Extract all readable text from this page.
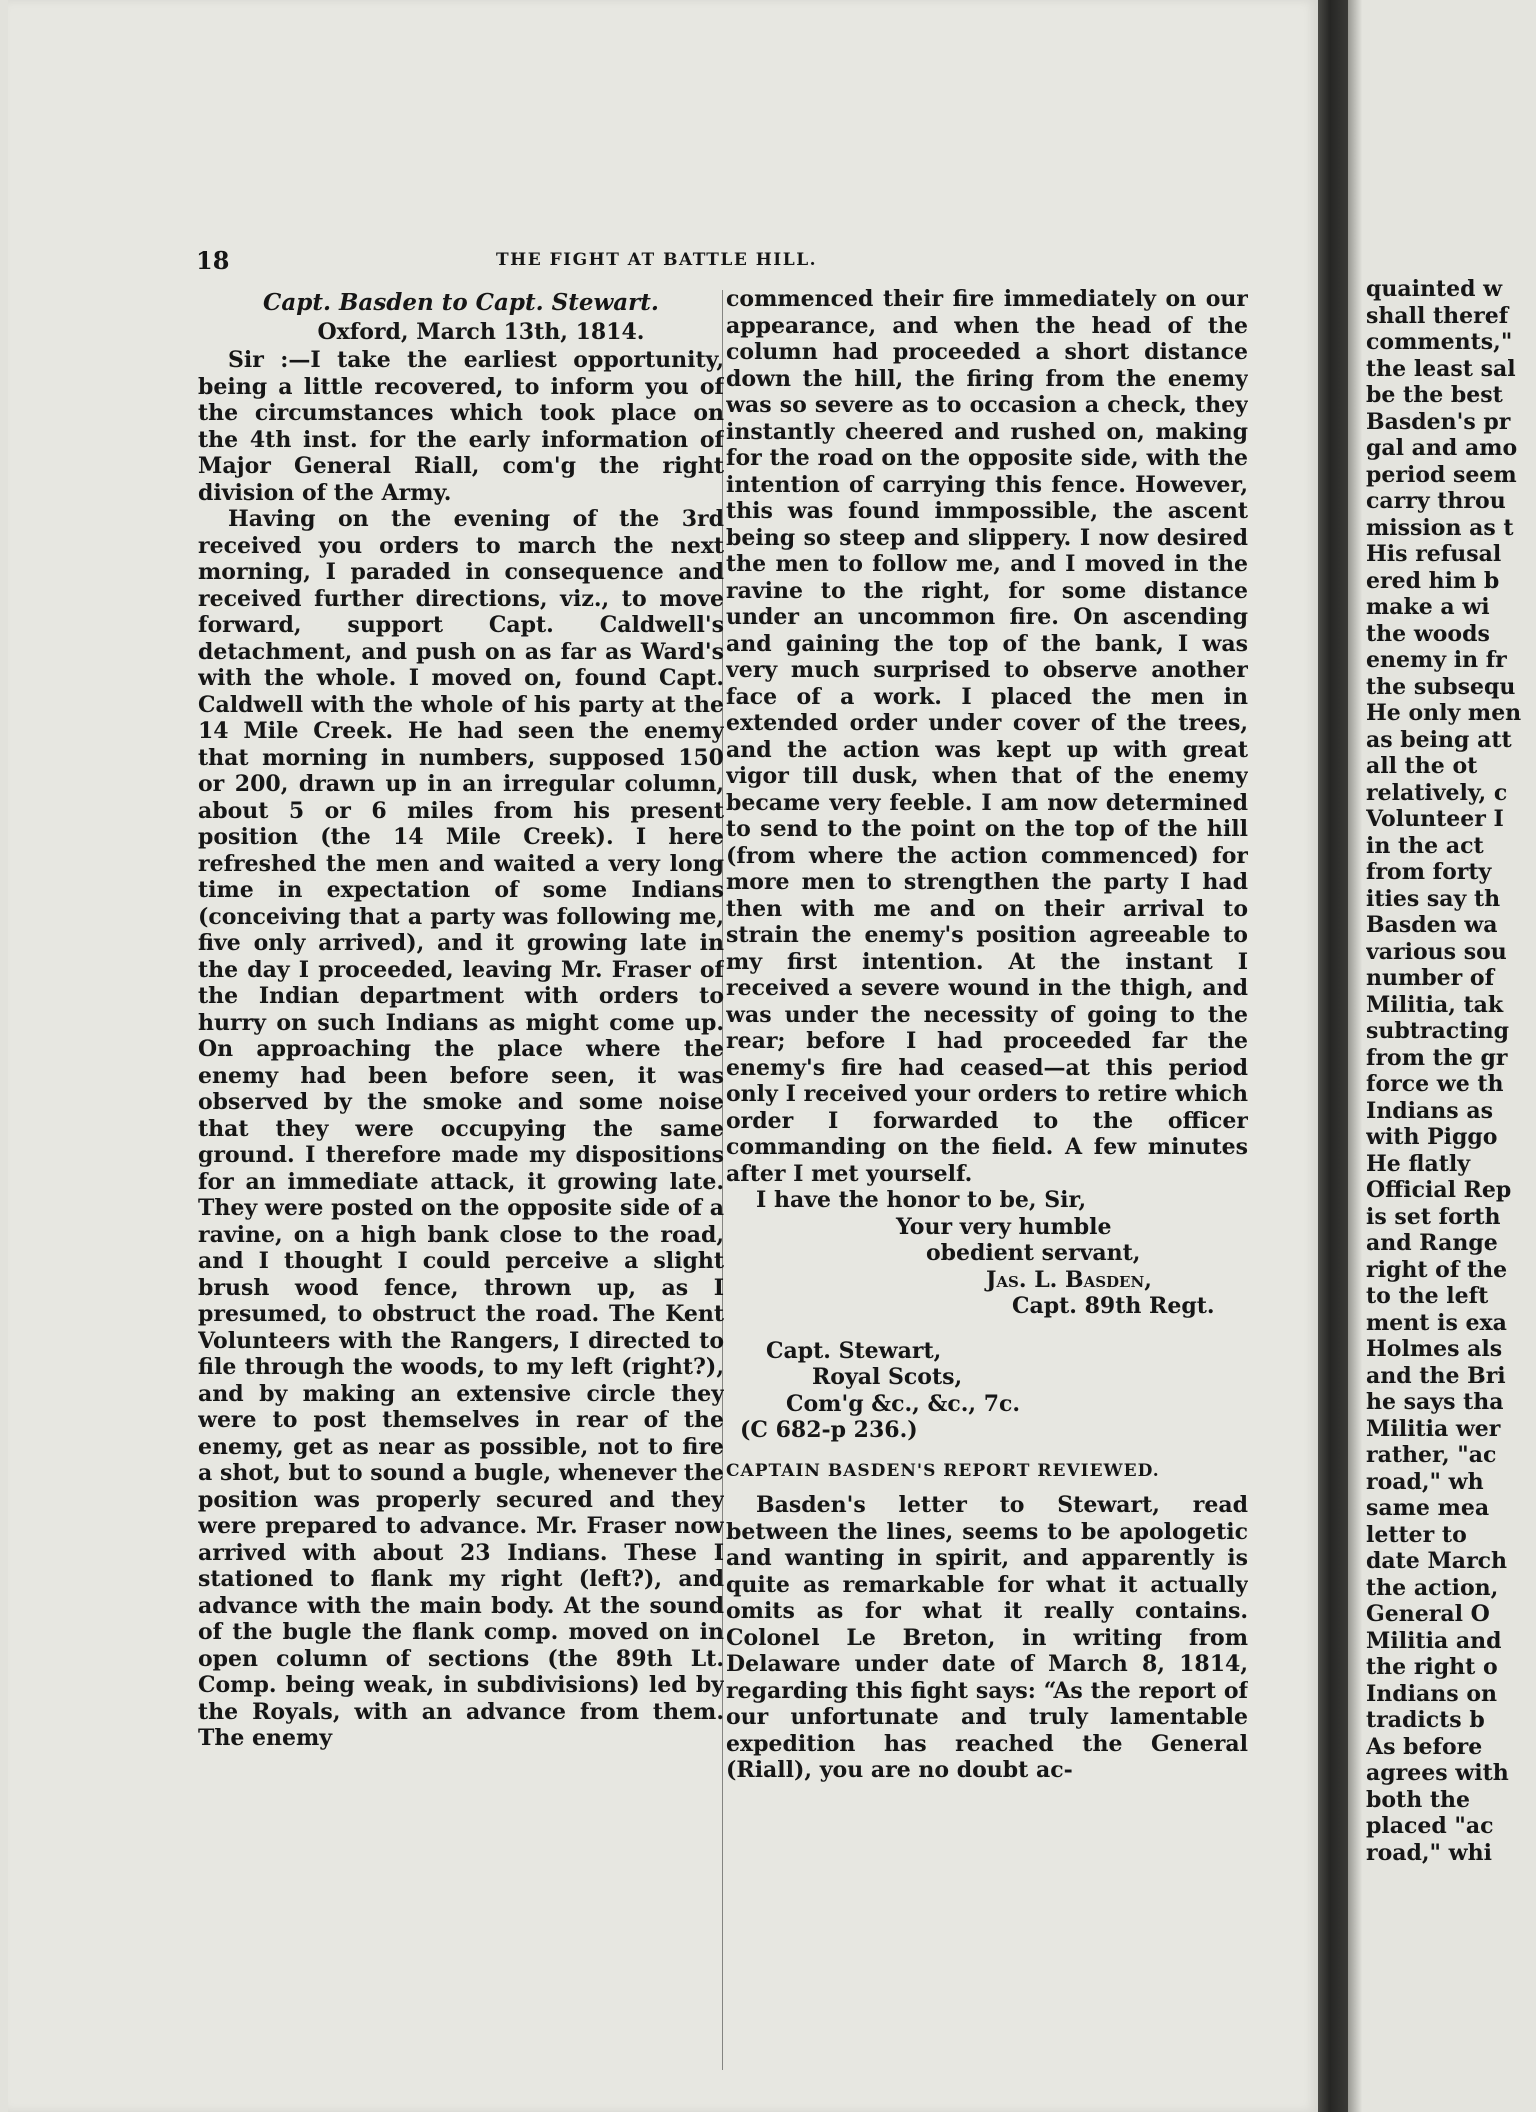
quainted w

shall theref

comments,"

the least sal

be the best

Basden's pr

gal and amo

period seem

carry throu

mission as t

His refusal

ered him b

make a wi

the woods

enemy in fr

the subsequ

He only men

as being att

all the ot

relatively, c

Volunteer I

in the act

from forty

ities say th

Basden wa

various sou

number of

Militia, tak

subtracting

from the gr

force we th

Indians as

with Piggo

He flatly

Official Rep

is set forth

and Range

right of the

to the left

ment is exa

Holmes als

and the Bri

he says tha

Militia wer

rather, "ac

road," wh

same mea

letter to

date March

the action,

General O

Militia and

the right o

Indians on

tradicts b

As before

agrees with

both the

placed "ac

road," whi

18	THE FIGHT AT BATTLE HILL.

Capt. Basden to Capt. Stewart.

Oxford, March 13th, 1814.

Sir :—I take the earliest opportunity, being a little recovered, to inform you of the circumstances which took place on the 4th inst. for the early information of Major General Riall, com'g the right division of the Army.

Having on the evening of the 3rd received you orders to march the next morning, I paraded in consequence and received further directions, viz., to move forward, support Capt. Caldwell's detachment, and push on as far as Ward's with the whole. I moved on, found Capt. Caldwell with the whole of his party at the 14 Mile Creek. He had seen the enemy that morning in numbers, supposed 150 or 200, drawn up in an irregular column, about 5 or 6 miles from his present position (the 14 Mile Creek). I here refreshed the men and waited a very long time in expectation of some Indians (conceiving that a party was following me, five only arrived), and it growing late in the day I proceeded, leaving Mr. Fraser of the Indian department with orders to hurry on such Indians as might come up. On approaching the place where the enemy had been before seen, it was observed by the smoke and some noise that they were occupying the same ground. I therefore made my dispositions for an immediate attack, it growing late. They were posted on the opposite side of a ravine, on a high bank close to the road, and I thought I could perceive a slight brush wood fence, thrown up, as I presumed, to obstruct the road. The Kent Volunteers with the Rangers, I directed to file through the woods, to my left (right?), and by making an extensive circle they were to post themselves in rear of the enemy, get as near as possible, not to fire a shot, but to sound a bugle, whenever the position was properly secured and they were prepared to advance. Mr. Fraser now arrived with about 23 Indians. These I stationed to flank my right (left?), and advance with the main body. At the sound of the bugle the flank comp. moved on in open column of sections (the 89th Lt. Comp. being weak, in subdivisions) led by the Royals, with an advance from them. The enemy

commenced their fire immediately on our appearance, and when the head of the column had proceeded a short distance down the hill, the firing from the enemy was so severe as to occasion a check, they instantly cheered and rushed on, making for the road on the opposite side, with the intention of carrying this fence. However, this was found immpossible, the ascent being so steep and slippery. I now desired the men to follow me, and I moved in the ravine to the right, for some distance under an uncommon fire. On ascending and gaining the top of the bank, I was very much surprised to observe another face of a work. I placed the men in extended order under cover of the trees, and the action was kept up with great vigor till dusk, when that of the enemy became very feeble. I am now determined to send to the point on the top of the hill (from where the action commenced) for more men to strengthen the party I had then with me and on their arrival to strain the enemy's position agreeable to my first intention. At the instant I received a severe wound in the thigh, and was under the necessity of going to the rear; before I had proceeded far the enemy's fire had ceased—at this period only I received your orders to retire which order I forwarded to the officer commanding on the field. A few minutes after I met yourself.

I have the honor to be, Sir,

Your very humble

obedient servant,

Jas. L. Basden,

Capt. 89th Regt.

Capt. Stewart,

Royal Scots,

Com'g &c., &c., 7c.

(C 682-p 236.)

CAPTAIN BASDEN'S REPORT REVIEWED.

Basden's letter to Stewart, read between the lines, seems to be apologetic and wanting in spirit, and apparently is quite as remarkable for what it actually omits as for what it really contains. Colonel Le Breton, in writing from Delaware under date of March 8, 1814, regarding this fight says: “As the report of our unfortunate and truly lamentable expedition has reached the General (Riall), you are no doubt ac-
